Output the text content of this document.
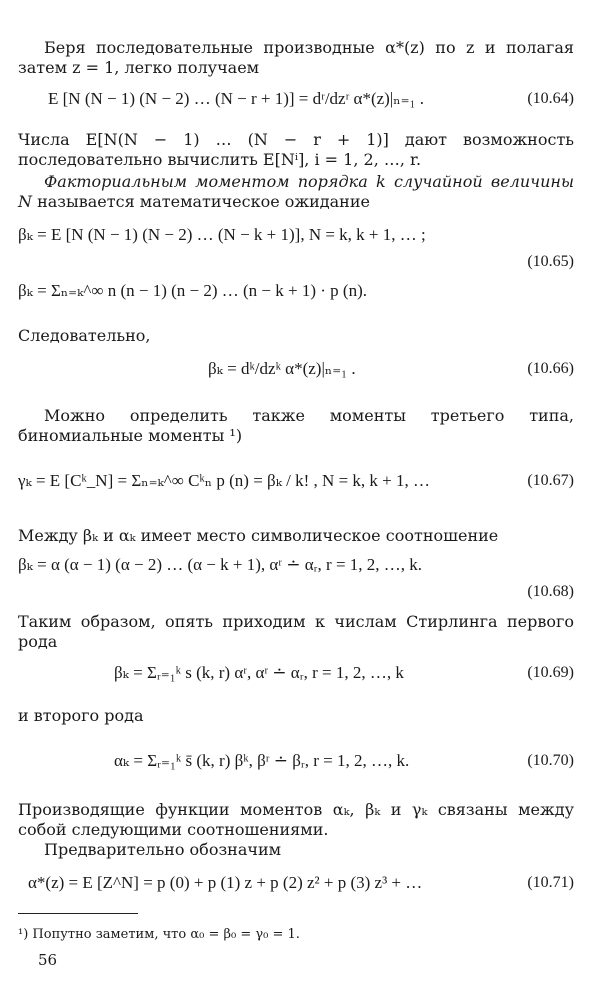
Беря последовательные производные α*(z) по z и полагая затем z = 1, легко получаем
E [N (N − 1) (N − 2) … (N − r + 1)] = dʳ/dzʳ α*(z)|ₙ₌₁ .	(10.64)
Числа E[N(N − 1) … (N − r + 1)] дают возможность последовательно вычислить E[Nⁱ], i = 1, 2, …, r.
Факториальным моментом порядка k случайной величины N называется математическое ожидание
βₖ = E [N (N − 1) (N − 2) … (N − k + 1)], N = k, k + 1, … ;
(10.65)
βₖ = Σₙ₌ₖ^∞ n (n − 1) (n − 2) … (n − k + 1) · p (n).
Следовательно,
βₖ = dᵏ/dzᵏ α*(z)|ₙ₌₁ .	(10.66)
Можно определить также моменты третьего типа, биномиальные моменты ¹)
γₖ = E [Cᵏ_N] = Σₙ₌ₖ^∞ Cᵏₙ p (n) = βₖ / k! , N = k, k + 1, …	(10.67)
Между βₖ и αₖ имеет место символическое соотношение
βₖ = α (α − 1) (α − 2) … (α − k + 1), αʳ ∸ αᵣ, r = 1, 2, …, k.
(10.68)
Таким образом, опять приходим к числам Стирлинга первого рода
βₖ = Σᵣ₌₁ᵏ s (k, r) αʳ, αʳ ∸ αᵣ, r = 1, 2, …, k	(10.69)
и второго рода
αₖ = Σᵣ₌₁ᵏ s̄ (k, r) βᵏ, βʳ ∸ βᵣ, r = 1, 2, …, k.	(10.70)
Производящие функции моментов αₖ, βₖ и γₖ связаны между собой следующими соотношениями.
Предварительно обозначим
α*(z) = E [Z^N] = p (0) + p (1) z + p (2) z² + p (3) z³ + …	(10.71)
¹) Попутно заметим, что α₀ = β₀ = γ₀ = 1.
56
